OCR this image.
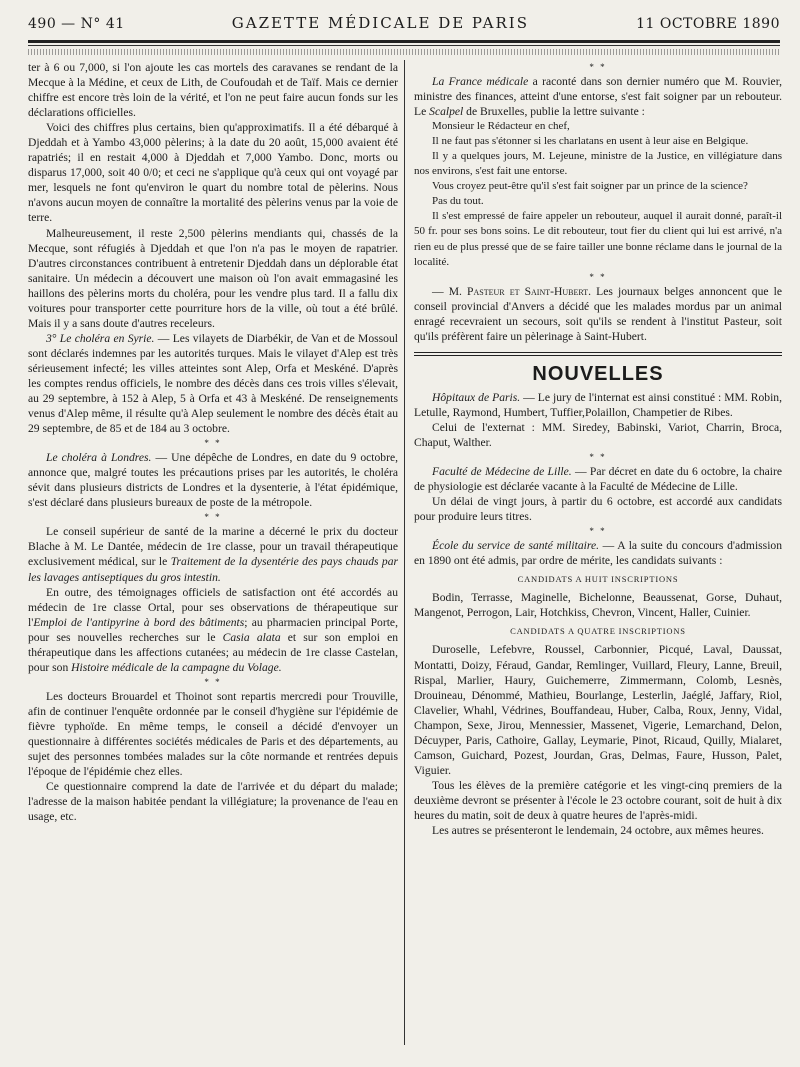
490 — N° 41	GAZETTE MÉDICALE DE PARIS	11 OCTOBRE 1890

ter à 6 ou 7,000, si l'on ajoute les cas mortels des caravanes se rendant de la Mecque à la Médine, et ceux de Lith, de Coufoudah et de Taïf. Mais ce dernier chiffre est encore très loin de la vérité, et l'on ne peut faire aucun fonds sur les déclarations officielles.

Voici des chiffres plus certains, bien qu'approximatifs. Il a été débarqué à Djeddah et à Yambo 43,000 pèlerins; à la date du 20 août, 15,000 avaient été rapatriés; il en restait 4,000 à Djeddah et 7,000 Yambo. Donc, morts ou disparus 17,000, soit 40 0/0; et ceci ne s'applique qu'à ceux qui ont voyagé par mer, lesquels ne font qu'environ le quart du nombre total de pèlerins. Nous n'avons aucun moyen de connaître la mortalité des pèlerins venus par la voie de terre.

Malheureusement, il reste 2,500 pèlerins mendiants qui, chassés de la Mecque, sont réfugiés à Djeddah et que l'on n'a pas le moyen de rapatrier. D'autres circonstances contribuent à entretenir Djeddah dans un déplorable état sanitaire. Un médecin a découvert une maison où l'on avait emmagasiné les haillons des pèlerins morts du choléra, pour les vendre plus tard. Il a fallu dix voitures pour transporter cette pourriture hors de la ville, où tout a été brûlé. Mais il y a sans doute d'autres receleurs.

3° Le choléra en Syrie. — Les vilayets de Diarbékir, de Van et de Mossoul sont déclarés indemnes par les autorités turques. Mais le vilayet d'Alep est très sérieusement infecté; les villes atteintes sont Alep, Orfa et Meskéné. D'après les comptes rendus officiels, le nombre des décès dans ces trois villes s'élevait, au 29 septembre, à 152 à Alep, 5 à Orfa et 43 à Meskéné. De renseignements venus d'Alep même, il résulte qu'à Alep seulement le nombre des décès était au 29 septembre, de 85 et de 184 au 3 octobre.

* *

Le choléra à Londres. — Une dépêche de Londres, en date du 9 octobre, annonce que, malgré toutes les précautions prises par les autorités, le choléra sévit dans plusieurs districts de Londres et la dysenterie, à l'état épidémique, s'est déclaré dans plusieurs bureaux de poste de la métropole.

* *

Le conseil supérieur de santé de la marine a décerné le prix du docteur Blache à M. Le Dantée, médecin de 1re classe, pour un travail thérapeutique exclusivement médical, sur le Traitement de la dysentérie des pays chauds par les lavages antiseptiques du gros intestin.

En outre, des témoignages officiels de satisfaction ont été accordés au médecin de 1re classe Ortal, pour ses observations de thérapeutique sur l'Emploi de l'antipyrine à bord des bâtiments; au pharmacien principal Porte, pour ses nouvelles recherches sur le Casia alata et sur son emploi en thérapeutique dans les affections cutanées; au médecin de 1re classe Castelan, pour son Histoire médicale de la campagne du Volage.

* *

Les docteurs Brouardel et Thoinot sont repartis mercredi pour Trouville, afin de continuer l'enquête ordonnée par le conseil d'hygiène sur l'épidémie de fièvre typhoïde. En même temps, le conseil a décidé d'envoyer un questionnaire à différentes sociétés médicales de Paris et des départements, au sujet des personnes tombées malades sur la côte normande et rentrées depuis l'époque de l'épidémie chez elles.

Ce questionnaire comprend la date de l'arrivée et du départ du malade; l'adresse de la maison habitée pendant la villégiature; la provenance de l'eau en usage, etc.

* *

La France médicale a raconté dans son dernier numéro que M. Rouvier, ministre des finances, atteint d'une entorse, s'est fait soigner par un rebouteur. Le Scalpel de Bruxelles, publie la lettre suivante :

Monsieur le Rédacteur en chef,

Il ne faut pas s'étonner si les charlatans en usent à leur aise en Belgique.

Il y a quelques jours, M. Lejeune, ministre de la Justice, en villégiature dans nos environs, s'est fait une entorse.

Vous croyez peut-être qu'il s'est fait soigner par un prince de la science?

Pas du tout.

Il s'est empressé de faire appeler un rebouteur, auquel il aurait donné, paraît-il 50 fr. pour ses bons soins. Le dit rebouteur, tout fier du client qui lui est arrivé, n'a rien eu de plus pressé que de se faire tailler une bonne réclame dans le journal de la localité.

* *

— M. Pasteur et Saint-Hubert. Les journaux belges annoncent que le conseil provincial d'Anvers a décidé que les malades mordus par un animal enragé recevraient un secours, soit qu'ils se rendent à l'institut Pasteur, soit qu'ils préfèrent faire un pèlerinage à Saint-Hubert.

NOUVELLES

Hôpitaux de Paris. — Le jury de l'internat est ainsi constitué : MM. Robin, Letulle, Raymond, Humbert, Tuffier,Polaillon, Champetier de Ribes.

Celui de l'externat : MM. Siredey, Babinski, Variot, Charrin, Broca, Chaput, Walther.

* *

Faculté de Médecine de Lille. — Par décret en date du 6 octobre, la chaire de physiologie est déclarée vacante à la Faculté de Médecine de Lille.

Un délai de vingt jours, à partir du 6 octobre, est accordé aux candidats pour produire leurs titres.

* *

École du service de santé militaire. — A la suite du concours d'admission en 1890 ont été admis, par ordre de mérite, les candidats suivants :

CANDIDATS A HUIT INSCRIPTIONS

Bodin, Terrasse, Maginelle, Bichelonne, Beaussenat, Gorse, Duhaut, Mangenot, Perrogon, Lair, Hotchkiss, Chevron, Vincent, Haller, Cuinier.

CANDIDATS A QUATRE INSCRIPTIONS

Duroselle, Lefebvre, Roussel, Carbonnier, Picqué, Laval, Daussat, Montatti, Doizy, Féraud, Gandar, Remlinger, Vuillard, Fleury, Lanne, Breuil, Rispal, Marlier, Haury, Guichemerre, Zimmermann, Colomb, Lesnès, Drouineau, Dénommé, Mathieu, Bourlange, Lesterlin, Jaéglé, Jaffary, Riol, Clavelier, Whahl, Védrines, Bouffandeau, Huber, Calba, Roux, Jenny, Vidal, Champon, Sexe, Jirou, Mennessier, Massenet, Vigerie, Lemarchand, Delon, Décuyper, Paris, Cathoire, Gallay, Leymarie, Pinot, Ricaud, Quilly, Mialaret, Camson, Guichard, Pozest, Jourdan, Gras, Delmas, Faure, Husson, Palet, Viguier.

Tous les élèves de la première catégorie et les vingt-cinq premiers de la deuxième devront se présenter à l'école le 23 octobre courant, soit de huit à dix heures du matin, soit de deux à quatre heures de l'après-midi.

Les autres se présenteront le lendemain, 24 octobre, aux mêmes heures.
